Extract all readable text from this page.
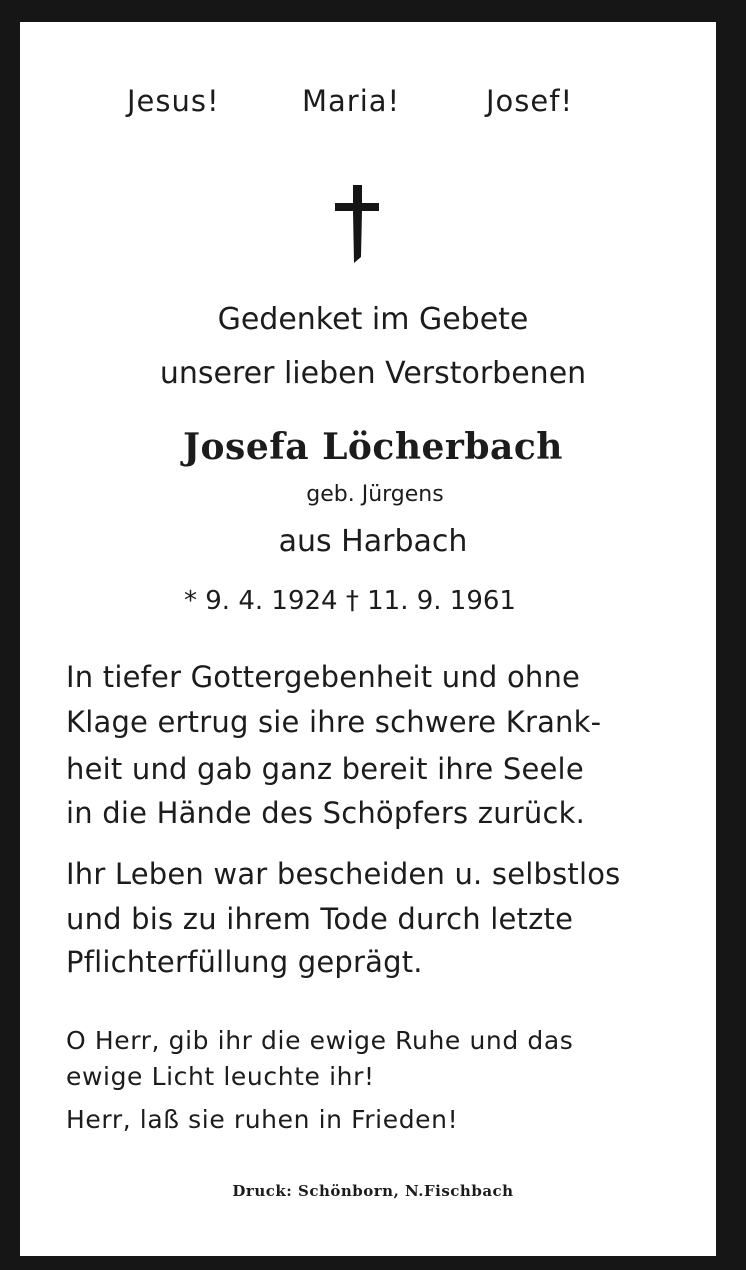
Jesus!	Maria!	Josef!

Gedenket im Gebete

unserer lieben Verstorbenen

Josefa Löcherbach

geb. Jürgens

aus Harbach

* 9. 4. 1924 † 11. 9. 1961

In tiefer Gottergebenheit und ohne

Klage ertrug sie ihre schwere Krank-

heit und gab ganz bereit ihre Seele

in die Hände des Schöpfers zurück.

Ihr Leben war bescheiden u. selbstlos

und bis zu ihrem Tode durch letzte

Pflichterfüllung geprägt.

O Herr, gib ihr die ewige Ruhe und das

ewige Licht leuchte ihr!

Herr, laß sie ruhen in Frieden!

Druck: Schönborn, N.Fischbach
